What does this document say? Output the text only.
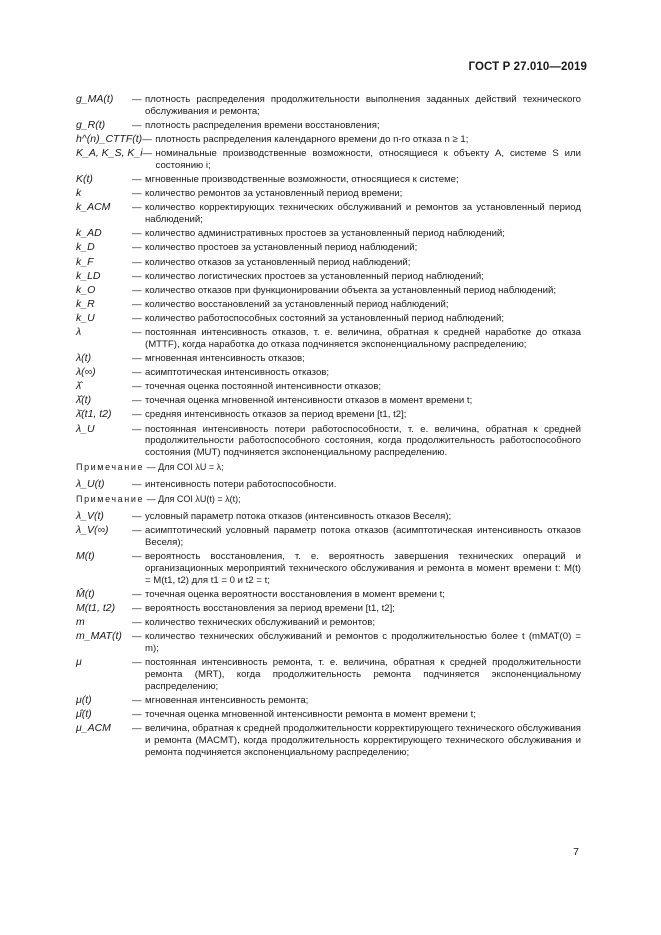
ГОСТ Р 27.010—2019
g_MA(t)	— плотность распределения продолжительности выполнения заданных действий технического обслуживания и ремонта;
g_R(t)	— плотность распределения времени восстановления;
h^(n)_CTTF(t) — плотность распределения календарного времени до n-го отказа n ≥ 1;
K_A, K_S, K_i — номинальные производственные возможности, относящиеся к объекту A, системе S или состоянию i;
K(t)	— мгновенные производственные возможности, относящиеся к системе;
k	— количество ремонтов за установленный период времени;
k_ACM	— количество корректирующих технических обслуживаний и ремонтов за установленный период наблюдений;
k_AD	— количество административных простоев за установленный период наблюдений;
k_D	— количество простоев за установленный период наблюдений;
k_F	— количество отказов за установленный период наблюдений;
k_LD	— количество логистических простоев за установленный период наблюдений;
k_O	— количество отказов при функционировании объекта за установленный период наблюдений;
k_R	— количество восстановлений за установленный период наблюдений;
k_U	— количество работоспособных состояний за установленный период наблюдений;
λ	— постоянная интенсивность отказов, т. е. величина, обратная к средней наработке до отказа (MTTF), когда наработка до отказа подчиняется экспоненциальному распределению;
λ(t)	— мгновенная интенсивность отказов;
λ(∞)	— асимптотическая интенсивность отказов;
λ̂	— точечная оценка постоянной интенсивности отказов;
λ̂(t)	— точечная оценка мгновенной интенсивности отказов в момент времени t;
λ̄(t1, t2)	— средняя интенсивность отказов за период времени [t1, t2];
λ_U	— постоянная интенсивность потери работоспособности, т. е. величина, обратная к средней продолжительности работоспособного состояния, когда продолжительность работоспособного состояния (MUT) подчиняется экспоненциальному распределению.
Примечание — Для COI λU = λ;
λ_U(t)	— интенсивность потери работоспособности.
Примечание — Для COI λU(t) = λ(t);
λ_V(t)	— условный параметр потока отказов (интенсивность отказов Веселя);
λ_V(∞)	— асимптотический условный параметр потока отказов (асимптотическая интенсивность отказов Веселя);
M(t)	— вероятность восстановления, т. е. вероятность завершения технических операций и организационных мероприятий технического обслуживания и ремонта в момент времени t: M(t) = M(t1, t2) для t1 = 0 и t2 = t;
M̂(t)	— точечная оценка вероятности восстановления в момент времени t;
M(t1, t2)	— вероятность восстановления за период времени [t1, t2];
m	— количество технических обслуживаний и ремонтов;
m_MAT(t)	— количество технических обслуживаний и ремонтов с продолжительностью более t (mMAT(0) = m);
μ	— постоянная интенсивность ремонта, т. е. величина, обратная к средней продолжительности ремонта (MRT), когда продолжительность ремонта подчиняется экспоненциальному распределению;
μ(t)	— мгновенная интенсивность ремонта;
μ̂(t)	— точечная оценка мгновенной интенсивности ремонта в момент времени t;
μ_ACM	— величина, обратная к средней продолжительности корректирующего технического обслуживания и ремонта (MACMT), когда продолжительность корректирующего технического обслуживания и ремонта подчиняется экспоненциальному распределению;
7
